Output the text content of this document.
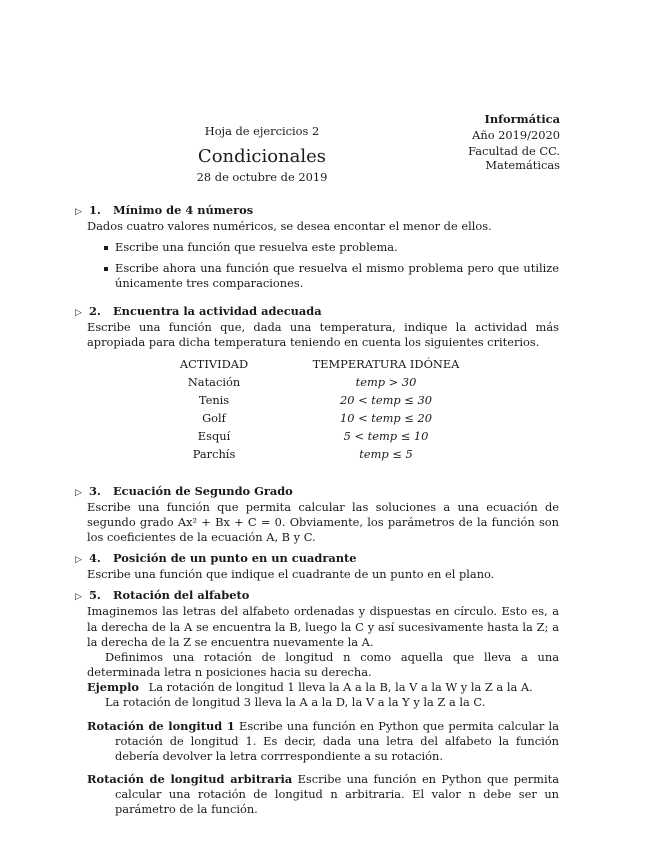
Hoja de ejercicios 2
Condicionales
28 de octubre de 2019
Informática
Año 2019/2020
Facultad de CC.
Matemáticas
▷ 1.	Mínimo de 4 números
Dados cuatro valores numéricos, se desea encontar el menor de ellos.
Escribe una función que resuelva este problema.
Escribe ahora una función que resuelva el mismo problema pero que utilize únicamente tres comparaciones.
▷ 2.	Encuentra la actividad adecuada
Escribe una función que, dada una temperatura, indique la actividad más apropiada para dicha temperatura teniendo en cuenta los siguientes criterios.
ACTIVIDAD	TEMPERATURA IDÓNEA
Natación	temp > 30
Tenis	20 < temp ≤ 30
Golf	10 < temp ≤ 20
Esquí	5 < temp ≤ 10
Parchís	temp ≤ 5
▷ 3.	Ecuación de Segundo Grado
Escribe una función que permita calcular las soluciones a una ecuación de segundo grado Ax² + Bx + C = 0. Obviamente, los parámetros de la función son los coeficientes de la ecuación A, B y C.
▷ 4.	Posición de un punto en un cuadrante
Escribe una función que indique el cuadrante de un punto en el plano.
▷ 5.	Rotación del alfabeto
Imaginemos las letras del alfabeto ordenadas y dispuestas en círculo. Esto es, a la derecha de la A se encuentra la B, luego la C y así sucesivamente hasta la Z; a la derecha de la Z se encuentra nuevamente la A.
Definimos una rotación de longitud n como aquella que lleva a una determinada letra n posiciones hacia su derecha.
Ejemplo La rotación de longitud 1 lleva la A a la B, la V a la W y la Z a la A.
La rotación de longitud 3 lleva la A a la D, la V a la Y y la Z a la C.
Rotación de longitud 1 Escribe una función en Python que permita calcular la rotación de longitud 1. Es decir, dada una letra del alfabeto la función debería devolver la letra corrrespondiente a su rotación.
Rotación de longitud arbitraria Escribe una función en Python que permita calcular una rotación de longitud n arbitraria. El valor n debe ser un parámetro de la función.
